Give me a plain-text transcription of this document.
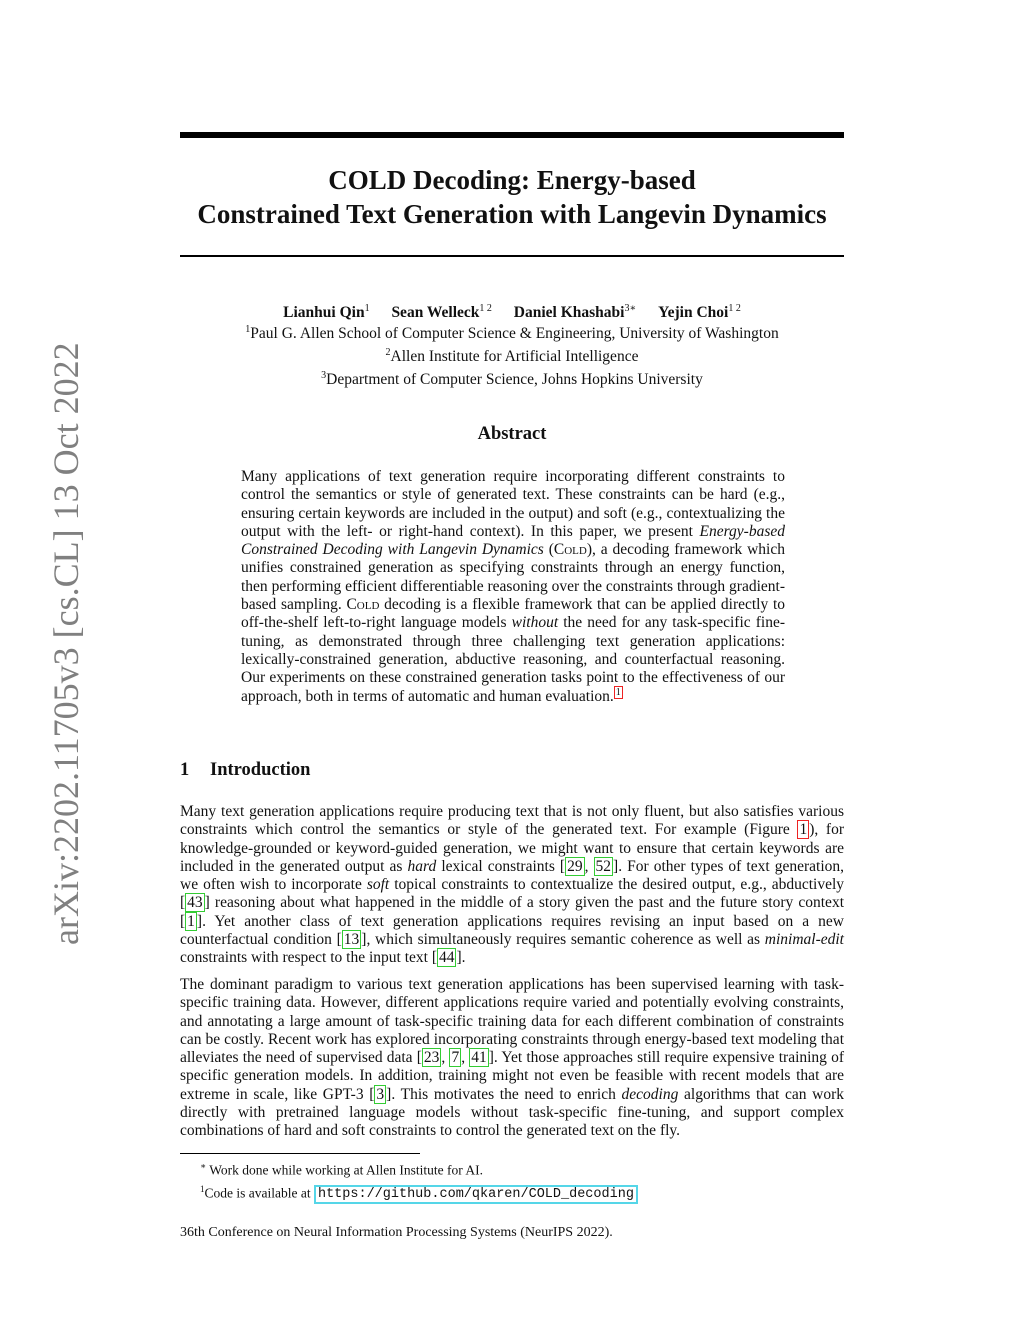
arXiv:2202.11705v3 [cs.CL] 13 Oct 2022
COLD Decoding: Energy-based
Constrained Text Generation with Langevin Dynamics
Lianhui Qin$^1$ Sean Welleck$^{1 2}$ Daniel Khashabi$^{3∗}$ Yejin Choi$^{1 2}$
$^1$Paul G. Allen School of Computer Science & Engineering, University of Washington
$^2$Allen Institute for Artificial Intelligence
$^3$Department of Computer Science, Johns Hopkins University
Abstract

Many applications of text generation require incorporating different constraints to control the semantics or style of generated text. These constraints can be hard (e.g., ensuring certain keywords are included in the output) and soft (e.g., contextualizing the output with the left- or right-hand context). In this paper, we present Energy-based Constrained Decoding with Langevin Dynamics (Cold), a decoding framework which unifies constrained generation as specifying constraints through an energy function, then performing efficient differentiable reasoning over the constraints through gradient-based sampling. Cold decoding is a flexible framework that can be applied directly to off-the-shelf left-to-right language models without the need for any task-specific fine-tuning, as demonstrated through three challenging text generation applications: lexically-constrained generation, abductive reasoning, and counterfactual reasoning. Our experiments on these constrained generation tasks point to the effectiveness of our approach, both in terms of automatic and human evaluation. $^1$

1 Introduction

Many text generation applications require producing text that is not only fluent, but also satisfies various constraints which control the semantics or style of the generated text. For example (Figure 1 ), for knowledge-grounded or keyword-guided generation, we might want to ensure that certain keywords are included in the generated output as hard lexical constraints [ 29 , 52 ]. For other types of text generation, we often wish to incorporate soft topical constraints to contextualize the desired output, e.g., abductively [ 43 ] reasoning about what happened in the middle of a story given the past and the future story context [ 1 ]. Yet another class of text generation applications requires revising an input based on a new counterfactual condition [ 13 ], which simultaneously requires semantic coherence as well as minimal-edit constraints with respect to the input text [ 44 ].

The dominant paradigm to various text generation applications has been supervised learning with task-specific training data. However, different applications require varied and potentially evolving constraints, and annotating a large amount of task-specific training data for each different combination of constraints can be costly. Recent work has explored incorporating constraints through energy-based text modeling that alleviates the need of supervised data [ 23 , 7 , 41 ]. Yet those approaches still require expensive training of specific generation models. In addition, training might not even be feasible with recent models that are extreme in scale, like GPT-3 [ 3 ]. This motivates the need to enrich decoding algorithms that can work directly with pretrained language models without task-specific fine-tuning, and support complex combinations of hard and soft constraints to control the generated text on the fly.

∗ Work done while working at Allen Institute for AI.
$^1$Code is available at https://github.com/qkaren/COLD_decoding
36th Conference on Neural Information Processing Systems (NeurIPS 2022).
